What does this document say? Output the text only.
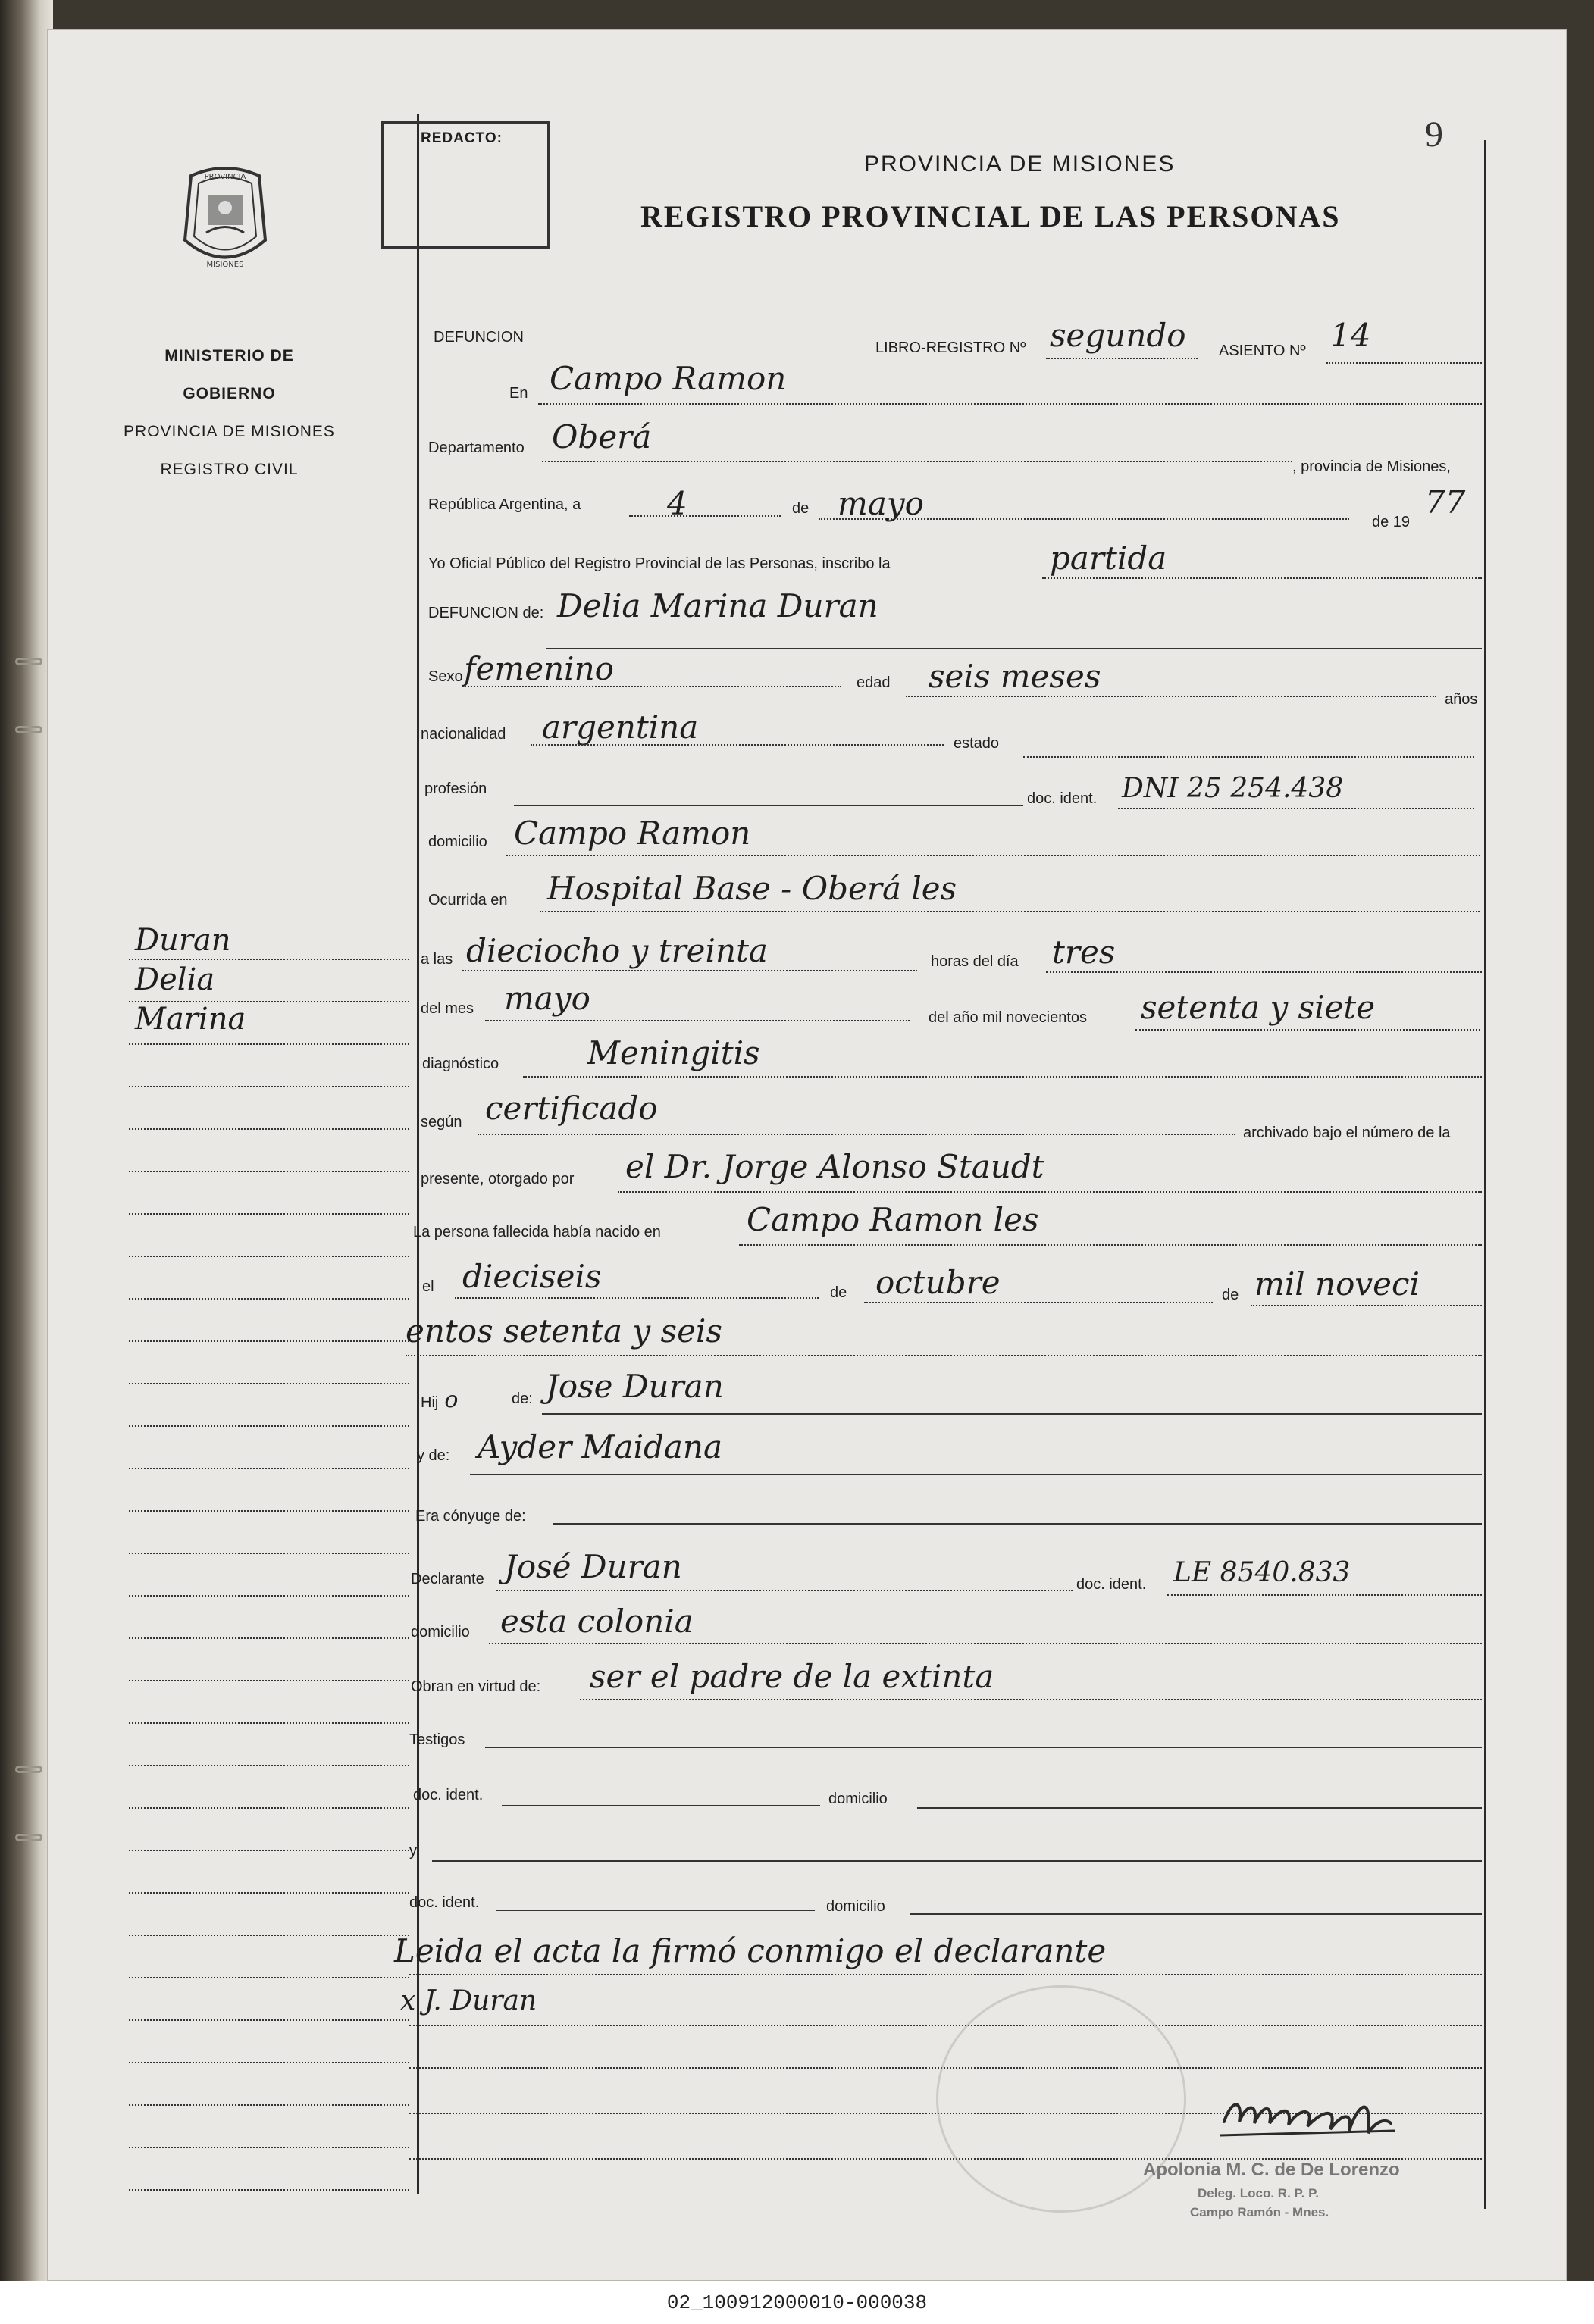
REDACTO:	9
PROVINCIA DE MISIONES
REGISTRO PROVINCIAL DE LAS PERSONAS
PROVINCIA
MISIONES
MINISTERIO DE GOBIERNO
PROVINCIA DE MISIONES
REGISTRO CIVIL
Duran
Delia
Marina
DEFUNCION
LIBRO-REGISTRO Nº segundo ASIENTO Nº 14
En Campo Ramon
Departamento Oberá
, provincia de Misiones,
República Argentina, a	4	de mayo	de 19
77
Yo Oficial Público del Registro Provincial de las Personas, inscribo la	partida
DEFUNCION de: Delia Marina Duran
Sexo femenino	edad seis meses
años
nacionalidad argentina	estado
profesión
doc. ident. DNI 25 254.438
domicilio Campo Ramon
Ocurrida en Hospital Base - Oberá les
a las dieciocho y treinta	horas del día tres
del mes mayo
del año mil novecientos setenta y siete
diagnóstico	Meningitis
según certificado
archivado bajo el número de la
presente, otorgado por el Dr. Jorge Alonso Staudt
La persona fallecida había nacido en	Campo Ramon les
el dieciseis	de octubre	de mil noveci
entos setenta y seis
Hij o	de: Jose Duran
y de: Ayder Maidana
Era cónyuge de:
Declarante José Duran	doc. ident. LE 8540.833
domicilio esta colonia
Obran en virtud de: ser el padre de la extinta
Testigos
doc. ident.	domicilio
y
doc. ident.	domicilio
Leida el acta la firmó conmigo el declarante
x J. Duran
Apolonia M. C. de De Lorenzo
Deleg. Loco. R. P. P.
Campo Ramón - Mnes.
02_100912000010-000038
